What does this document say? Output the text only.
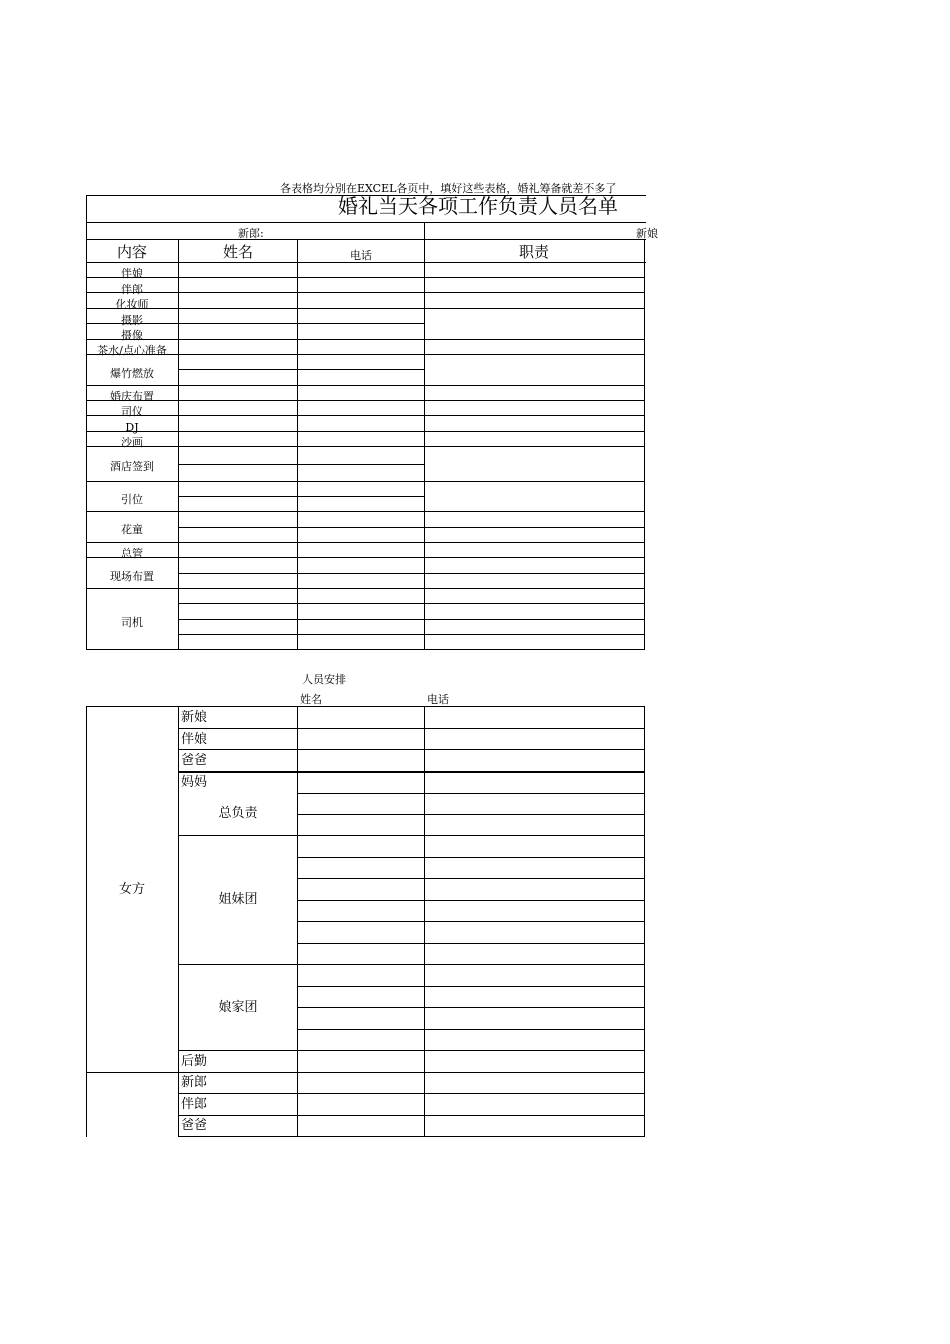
各表格均分别在EXCEL各页中，填好这些表格，婚礼筹备就差不多了
婚礼当天各项工作负责人员名单
新郎:	新娘
内容	姓名	电话	职责
伴娘
伴郎
化妆师
摄影
摄像
茶水/点心准备
爆竹燃放
婚庆布置
司仪
DJ
沙画
酒店签到
引位
花童
总管
现场布置
司机
人员安排
姓名	电话
女方
新娘
伴娘
爸爸
妈妈
总负责
姐妹团
娘家团
后勤
新郎
伴郎
爸爸
